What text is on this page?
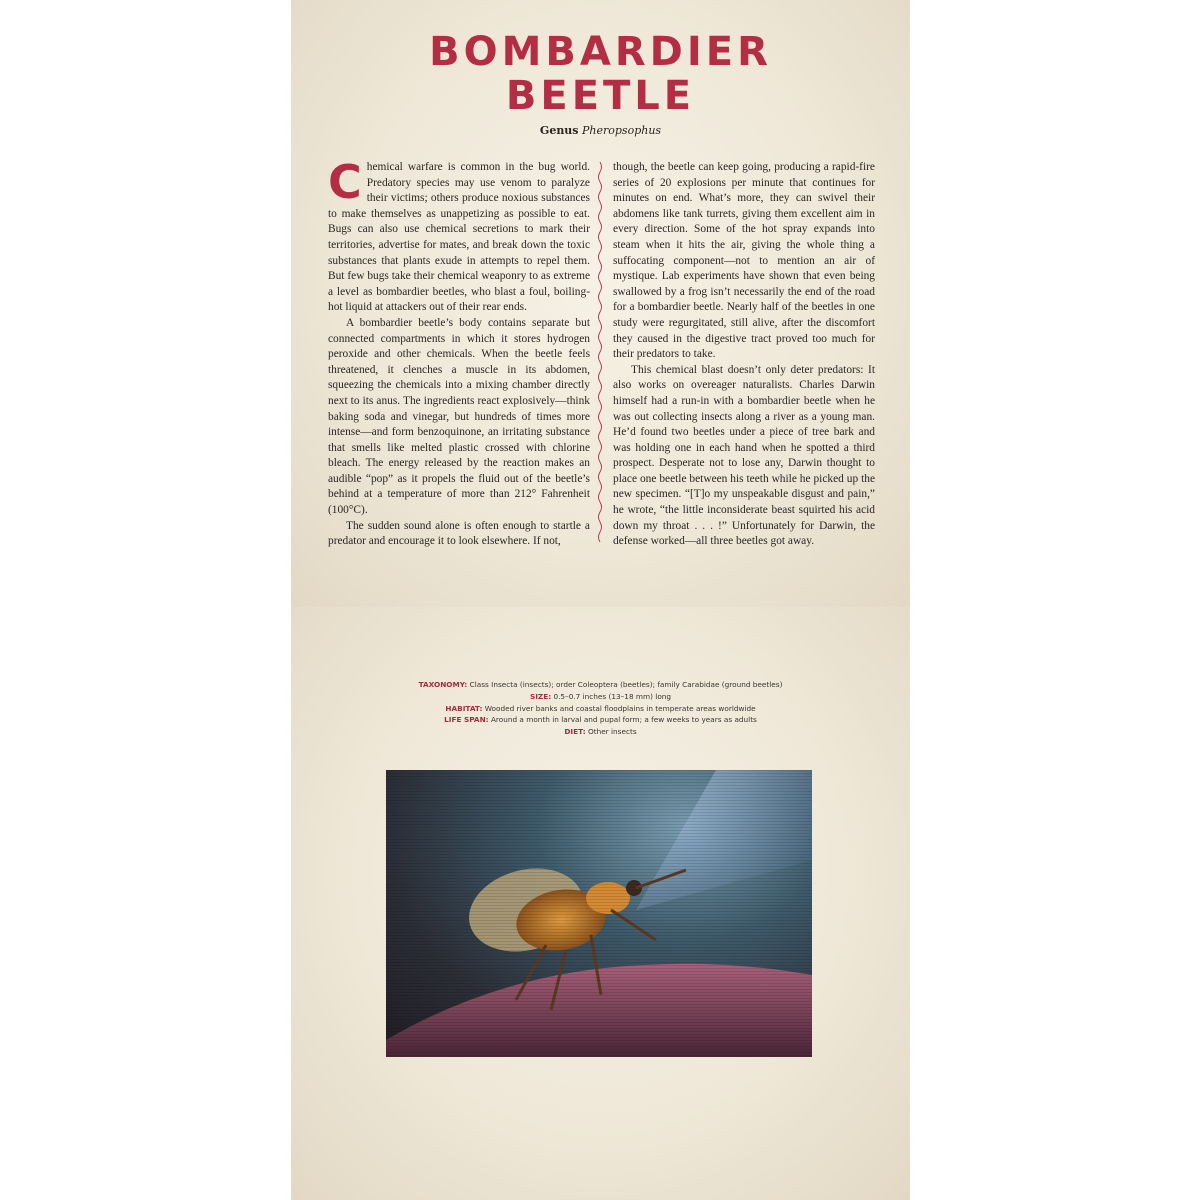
BOMBARDIER
BEETLE
Genus Pheropsophus

Chemical warfare is common in the bug world. Predatory species may use venom to paralyze their victims; others produce noxious substances to make themselves as unappetizing as possible to eat. Bugs can also use chemical secretions to mark their territories, advertise for mates, and break down the toxic substances that plants exude in attempts to repel them. But few bugs take their chemical weaponry to as extreme a level as bombardier beetles, who blast a foul, boiling-hot liquid at attackers out of their rear ends.

A bombardier beetle’s body contains separate but connected compartments in which it stores hydrogen peroxide and other chemicals. When the beetle feels threatened, it clenches a muscle in its abdomen, squeezing the chemicals into a mixing chamber directly next to its anus. The ingredients react explosively—think baking soda and vinegar, but hundreds of times more intense—and form benzoquinone, an irritating substance that smells like melted plastic crossed with chlorine bleach. The energy released by the reaction makes an audible “pop” as it propels the fluid out of the beetle’s behind at a temperature of more than 212° Fahrenheit (100°C).

The sudden sound alone is often enough to startle a predator and encourage it to look elsewhere. If not,

though, the beetle can keep going, producing a rapid-fire series of 20 explosions per minute that continues for minutes on end. What’s more, they can swivel their abdomens like tank turrets, giving them excellent aim in every direction. Some of the hot spray expands into steam when it hits the air, giving the whole thing a suffocating component—not to mention an air of mystique. Lab experiments have shown that even being swallowed by a frog isn’t necessarily the end of the road for a bombardier beetle. Nearly half of the beetles in one study were regurgitated, still alive, after the discomfort they caused in the digestive tract proved too much for their predators to take.

This chemical blast doesn’t only deter predators: It also works on overeager naturalists. Charles Darwin himself had a run-in with a bombardier beetle when he was out collecting insects along a river as a young man. He’d found two beetles under a piece of tree bark and was holding one in each hand when he spotted a third prospect. Desperate not to lose any, Darwin thought to place one beetle between his teeth while he picked up the new specimen. “[T]o my unspeakable disgust and pain,” he wrote, “the little inconsiderate beast squirted his acid down my throat . . . !” Unfortunately for Darwin, the defense worked—all three beetles got away.

TAXONOMY: Class Insecta (insects); order Coleoptera (beetles); family Carabidae (ground beetles)
SIZE: 0.5–0.7 inches (13–18 mm) long
HABITAT: Wooded river banks and coastal floodplains in temperate areas worldwide
LIFE SPAN: Around a month in larval and pupal form; a few weeks to years as adults
DIET: Other insects
